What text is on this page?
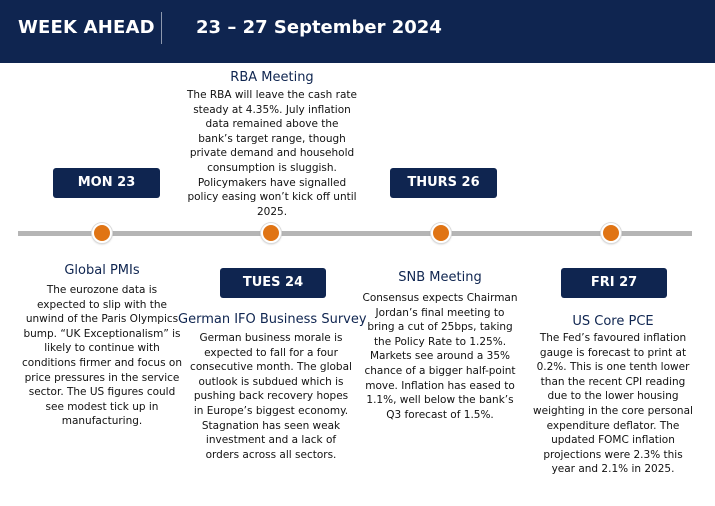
WEEK AHEAD 23 – 27 September 2024
MON 23
TUES 24
THURS 26
FRI 27
Global PMIs
The eurozone data is expected to slip with the unwind of the Paris Olympics bump. “UK Exceptionalism” is likely to continue with conditions firmer and focus on price pressures in the service sector. The US figures could see modest tick up in manufacturing.
RBA Meeting
The RBA will leave the cash rate steady at 4.35%. July inflation data remained above the bank’s target range, though private demand and household consumption is sluggish. Policymakers have signalled policy easing won’t kick off until 2025.
German IFO Business Survey
German business morale is expected to fall for a four consecutive month. The global outlook is subdued which is pushing back recovery hopes in Europe’s biggest economy. Stagnation has seen weak investment and a lack of orders across all sectors.
SNB Meeting
Consensus expects Chairman Jordan’s final meeting to bring a cut of 25bps, taking the Policy Rate to 1.25%. Markets see around a 35% chance of a bigger half-point move. Inflation has eased to 1.1%, well below the bank’s Q3 forecast of 1.5%.
US Core PCE
The Fed’s favoured inflation gauge is forecast to print at 0.2%. This is one tenth lower than the recent CPI reading due to the lower housing weighting in the core personal expenditure deflator. The updated FOMC inflation projections were 2.3% this year and 2.1% in 2025.
